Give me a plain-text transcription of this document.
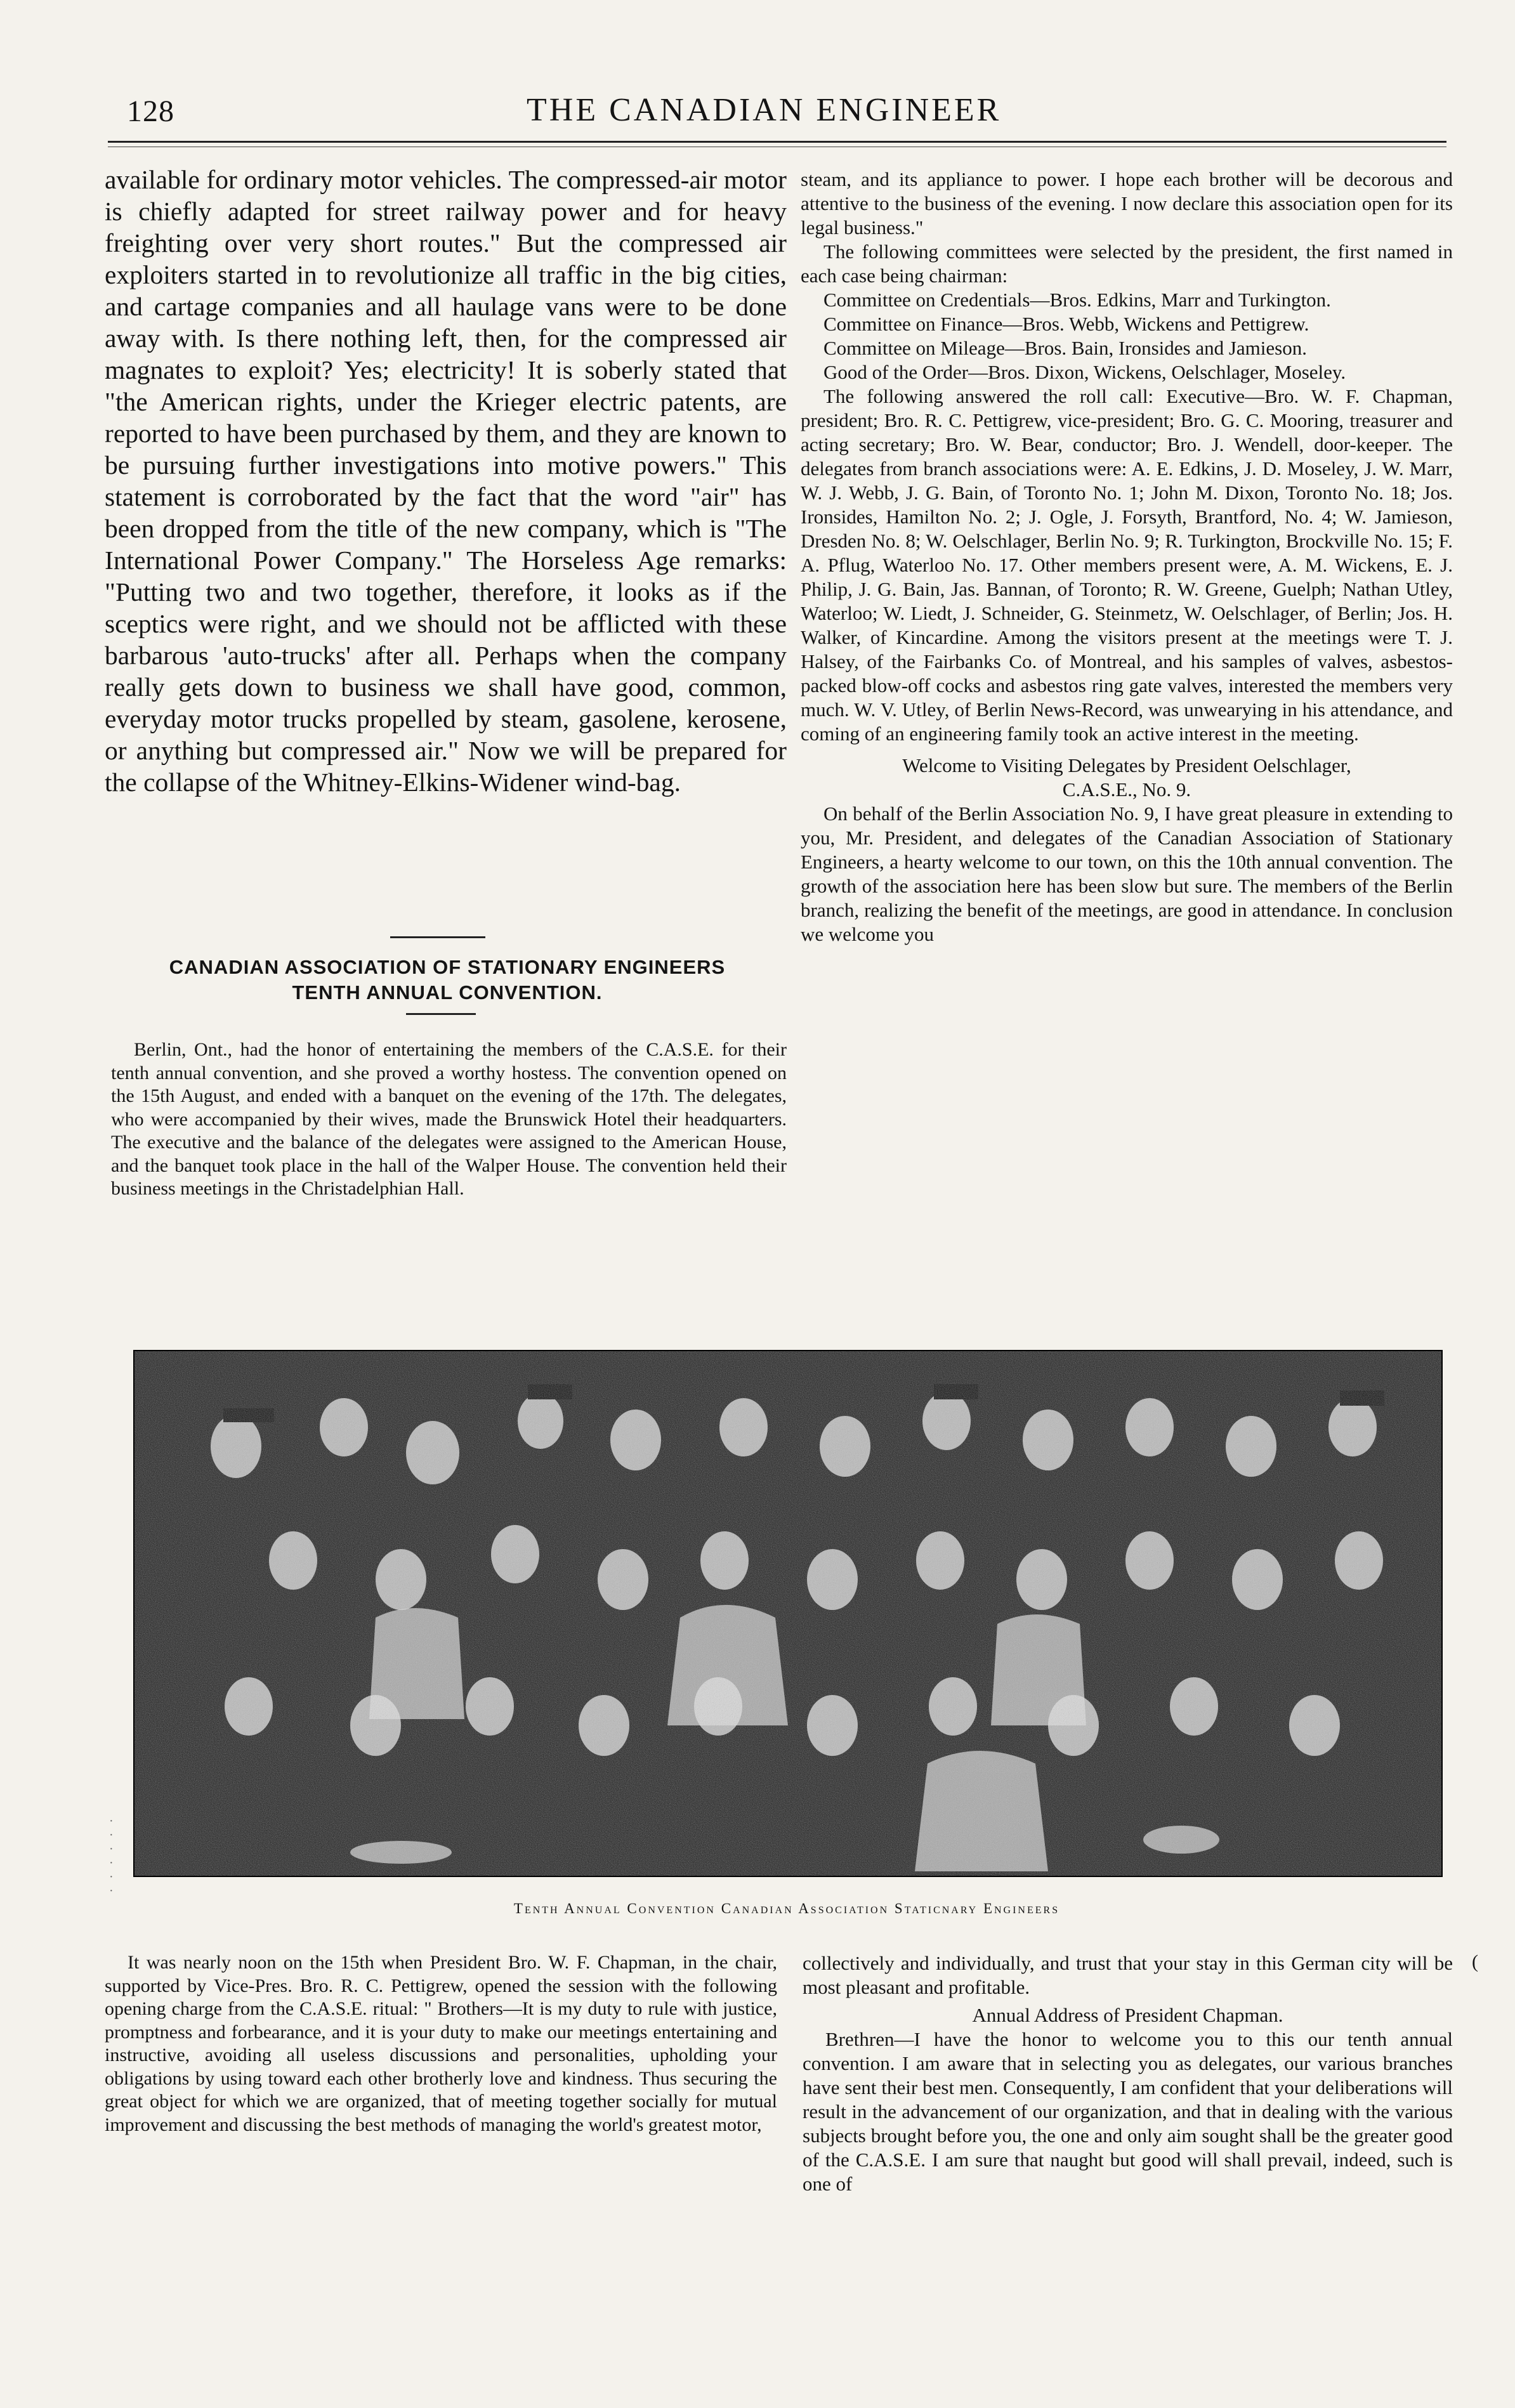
128	THE CANADIAN ENGINEER

available for ordinary motor vehicles. The compressed-air motor is chiefly adapted for street railway power and for heavy freighting over very short routes." But the compressed air exploiters started in to revolutionize all traffic in the big cities, and cartage companies and all haulage vans were to be done away with. Is there nothing left, then, for the compressed air magnates to exploit? Yes; electricity! It is soberly stated that "the American rights, under the Krieger electric patents, are reported to have been purchased by them, and they are known to be pursuing further investigations into motive powers." This statement is corroborated by the fact that the word "air" has been dropped from the title of the new company, which is "The International Power Company." The Horseless Age remarks: "Putting two and two together, therefore, it looks as if the sceptics were right, and we should not be afflicted with these barbarous 'auto-trucks' after all. Perhaps when the company really gets down to business we shall have good, common, everyday motor trucks propelled by steam, gasolene, kerosene, or anything but compressed air." Now we will be prepared for the collapse of the Whitney-Elkins-Widener wind-bag.

CANADIAN ASSOCIATION OF STATIONARY ENGINEERS
TENTH ANNUAL CONVENTION.

Berlin, Ont., had the honor of entertaining the members of the C.A.S.E. for their tenth annual convention, and she proved a worthy hostess. The convention opened on the 15th August, and ended with a banquet on the evening of the 17th. The delegates, who were accompanied by their wives, made the Brunswick Hotel their headquarters. The executive and the balance of the delegates were assigned to the American House, and the banquet took place in the hall of the Walper House. The convention held their business meetings in the Christadelphian Hall.

steam, and its appliance to power. I hope each brother will be decorous and attentive to the business of the evening. I now declare this association open for its legal business."

The following committees were selected by the president, the first named in each case being chairman:

Committee on Credentials—Bros. Edkins, Marr and Turkington.

Committee on Finance—Bros. Webb, Wickens and Pettigrew.

Committee on Mileage—Bros. Bain, Ironsides and Jamieson.

Good of the Order—Bros. Dixon, Wickens, Oelschlager, Moseley.

The following answered the roll call: Executive—Bro. W. F. Chapman, president; Bro. R. C. Pettigrew, vice-president; Bro. G. C. Mooring, treasurer and acting secretary; Bro. W. Bear, conductor; Bro. J. Wendell, door-keeper. The delegates from branch associations were: A. E. Edkins, J. D. Moseley, J. W. Marr, W. J. Webb, J. G. Bain, of Toronto No. 1; John M. Dixon, Toronto No. 18; Jos. Ironsides, Hamilton No. 2; J. Ogle, J. Forsyth, Brantford, No. 4; W. Jamieson, Dresden No. 8; W. Oelschlager, Berlin No. 9; R. Turkington, Brockville No. 15; F. A. Pflug, Waterloo No. 17. Other members present were, A. M. Wickens, E. J. Philip, J. G. Bain, Jas. Bannan, of Toronto; R. W. Greene, Guelph; Nathan Utley, Waterloo; W. Liedt, J. Schneider, G. Steinmetz, W. Oelschlager, of Berlin; Jos. H. Walker, of Kincardine. Among the visitors present at the meetings were T. J. Halsey, of the Fairbanks Co. of Montreal, and his samples of valves, asbestos-packed blow-off cocks and asbestos ring gate valves, interested the members very much. W. V. Utley, of Berlin News-Record, was unwearying in his attendance, and coming of an engineering family took an active interest in the meeting.

Welcome to Visiting Delegates by President Oelschlager,

C.A.S.E., No. 9.

On behalf of the Berlin Association No. 9, I have great pleasure in extending to you, Mr. President, and delegates of the Canadian Association of Stationary Engineers, a hearty welcome to our town, on this the 10th annual convention. The growth of the association here has been slow but sure. The members of the Berlin branch, realizing the benefit of the meetings, are good in attendance. In conclusion we welcome you

Tenth Annual Convention Canadian Association Staticnary Engineers
·
·
·
·
·
·
(

It was nearly noon on the 15th when President Bro. W. F. Chapman, in the chair, supported by Vice-Pres. Bro. R. C. Pettigrew, opened the session with the following opening charge from the C.A.S.E. ritual: " Brothers—It is my duty to rule with justice, promptness and forbearance, and it is your duty to make our meetings entertaining and instructive, avoiding all useless discussions and personalities, upholding your obligations by using toward each other brotherly love and kindness. Thus securing the great object for which we are organized, that of meeting together socially for mutual improvement and discussing the best methods of managing the world's greatest motor,

collectively and individually, and trust that your stay in this German city will be most pleasant and profitable.

Annual Address of President Chapman.

Brethren—I have the honor to welcome you to this our tenth annual convention. I am aware that in selecting you as delegates, our various branches have sent their best men. Consequently, I am confident that your deliberations will result in the advancement of our organization, and that in dealing with the various subjects brought before you, the one and only aim sought shall be the greater good of the C.A.S.E. I am sure that naught but good will shall prevail, indeed, such is one of
